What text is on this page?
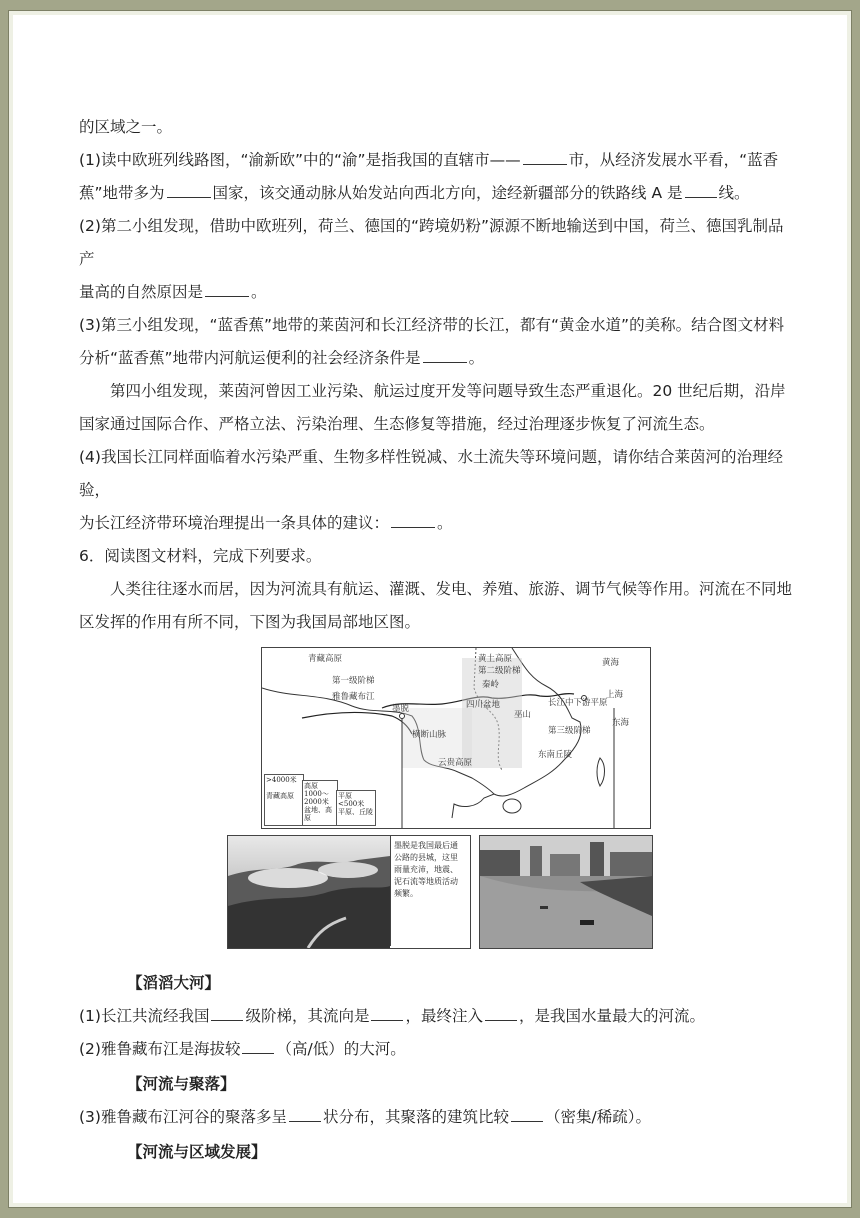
的区域之一。

(1)读中欧班列线路图，“渝新欧”中的“渝”是指我国的直辖市——	市，从经济发展水平看，“蓝香
蕉”地带多为	国家，该交通动脉从始发站向西北方向，途经新疆部分的铁路线 A 是 线。

(2)第二小组发现，借助中欧班列，荷兰、德国的“跨境奶粉”源源不断地输送到中国，荷兰、德国乳制品产
量高的自然原因是	。

(3)第三小组发现，“蓝香蕉”地带的莱茵河和长江经济带的长江，都有“黄金水道”的美称。结合图文材料
分析“蓝香蕉”地带内河航运便利的社会经济条件是	。

第四小组发现，莱茵河曾因工业污染、航运过度开发等问题导致生态严重退化。20 世纪后期，沿岸国家通过国际合作、严格立法、污染治理、生态修复等措施，经过治理逐步恢复了河流生态。

(4)我国长江同样面临着水污染严重、生物多样性锐减、水土流失等环境问题，请你结合莱茵河的治理经验，
为长江经济带环境治理提出一条具体的建议：	。

6．阅读图文材料，完成下列要求。

人类往往逐水而居，因为河流具有航运、灌溉、发电、养殖、旅游、调节气候等作用。河流在不同地区发挥的作用有所不同，下图为我国局部地区图。

青藏高原
第一级阶梯
雅鲁藏布江
墨脱
黄土高原
第二级阶梯
秦岭
四川盆地	长江中下游平原
巫山
第三级阶梯
东南丘陵
云贵高原
横断山脉
黄海
上海
东海
>4000米

青藏高原
高原
1000～2000米
盆地、高原
平原
<500米
平原、丘陵
墨脱是我国最后通公路的县城，这里雨量充沛，地震、泥石流等地质活动频繁。

【滔滔大河】

(1)长江共流经我国 级阶梯，其流向是 ，最终注入 ，是我国水量最大的河流。

(2)雅鲁藏布江是海拔较 （高/低）的大河。

【河流与聚落】

(3)雅鲁藏布江河谷的聚落多呈 状分布，其聚落的建筑比较 （密集/稀疏）。

【河流与区域发展】
